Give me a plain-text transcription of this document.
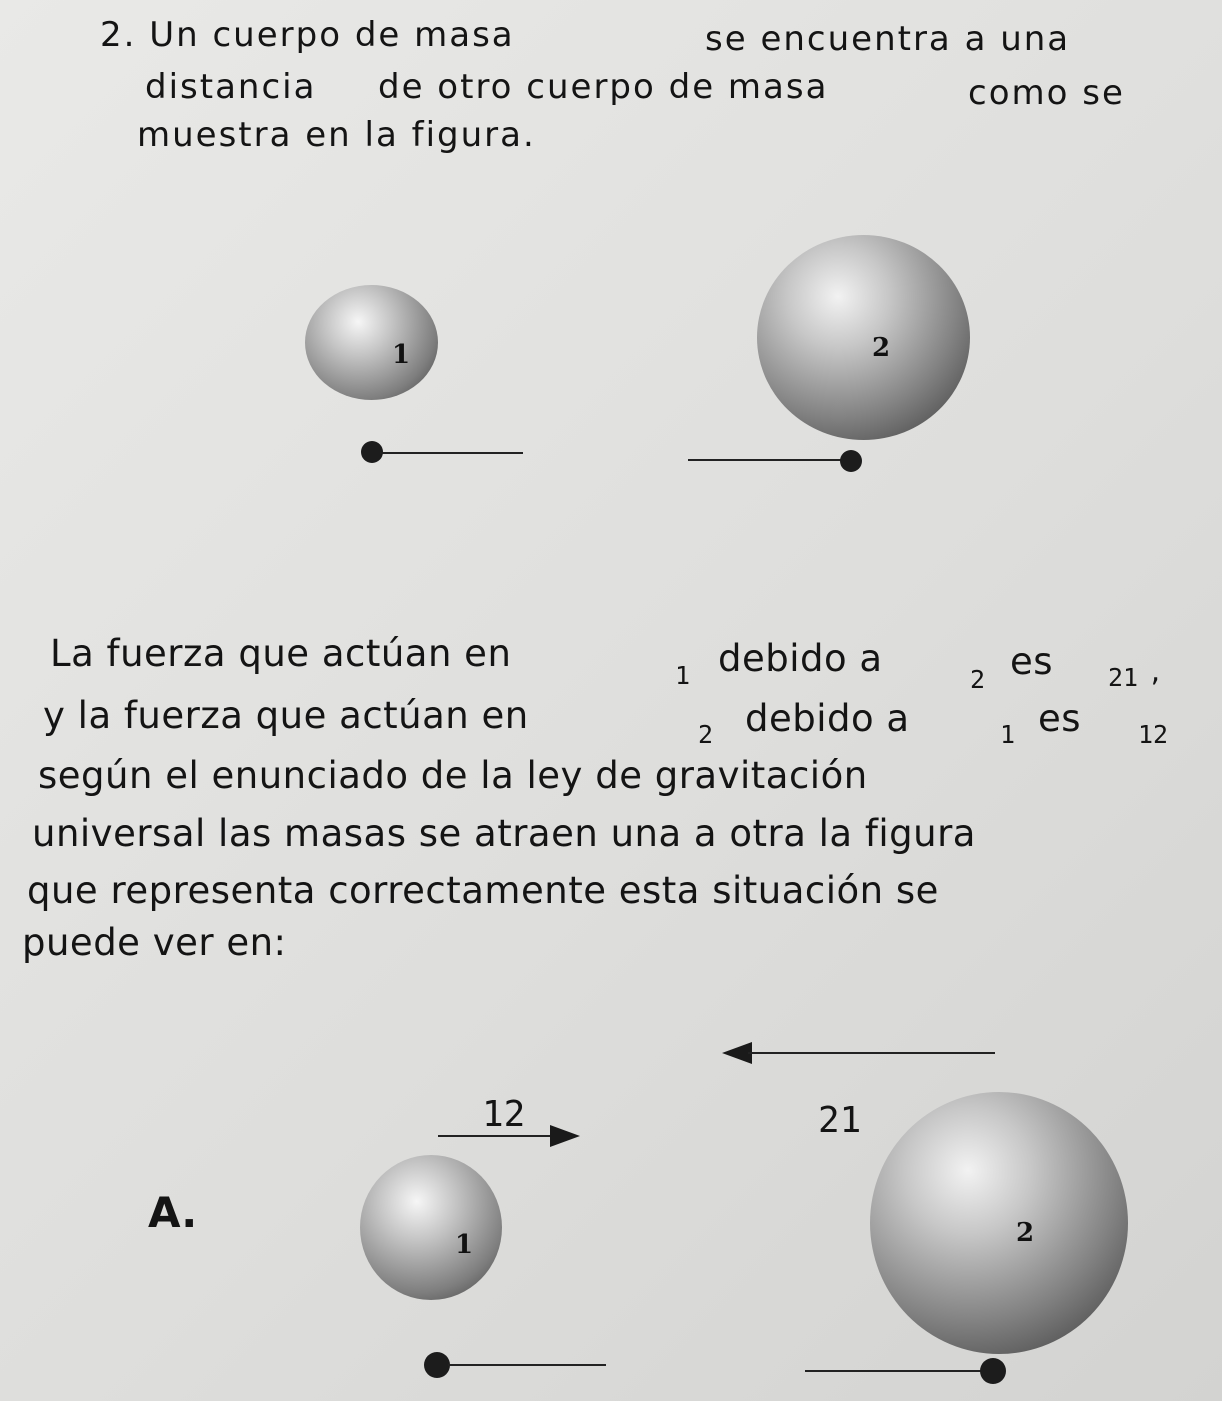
2. Un cuerpo de masa	se encuentra a una
distancia de otro cuerpo de masa	como se
muestra en la figura.
1	2
La fuerza que actúan en
1 debido a	2 es 21 ,
y la fuerza que actúan en	2 debido a	1 es 12
según el enunciado de la ley de gravitación
universal las masas se atraen una a otra la figura
que representa correctamente esta situación se
puede ver en:
12	21
A.
1	2
